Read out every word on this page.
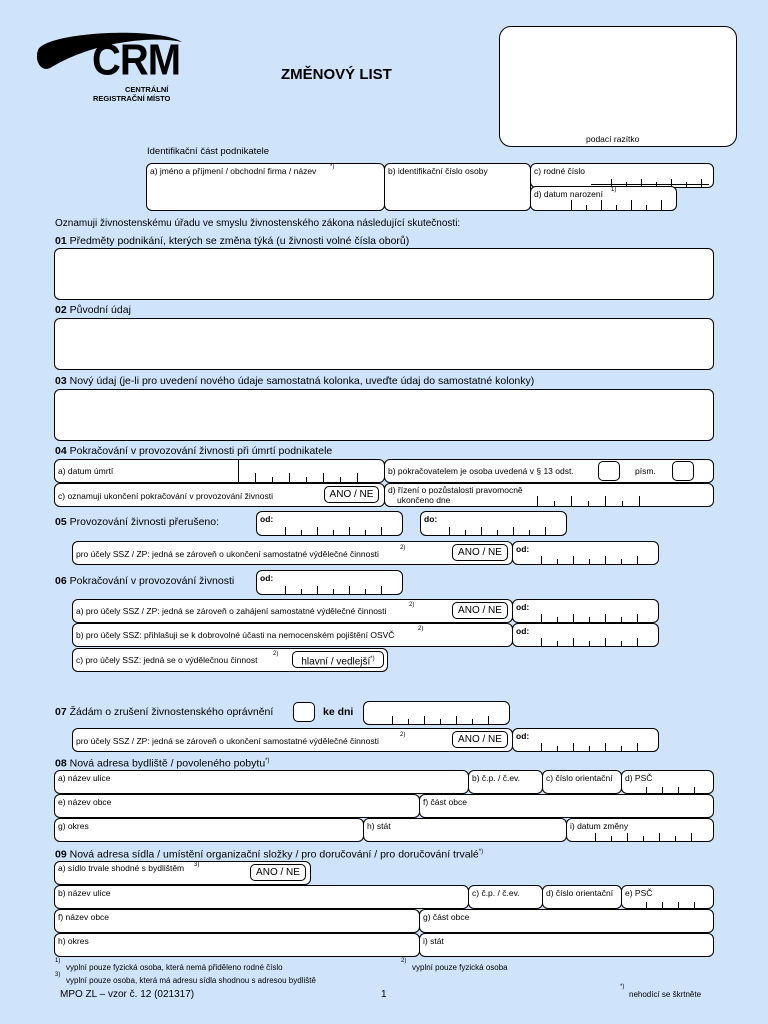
CRM
CENTRÁLNÍ
REGISTRAČNÍ MÍSTO
ZMĚNOVÝ LIST
podací razítko
Identifikační část podnikatele
a) jméno a příjmení / obchodní firma / název *)	b) identifikační číslo osoby	c) rodné číslo
d) datum narození 1)
Oznamuji živnostenskému úřadu ve smyslu živnostenského zákona následující skutečnosti:
01 Předměty podnikání, kterých se změna týká (u živnosti volné čísla oborů)
02 Původní údaj
03 Nový údaj (je-li pro uvedení nového údaje samostatná kolonka, uveďte údaj do samostatné kolonky)
04 Pokračování v provozování živnosti při úmrtí podnikatele
a) datum úmrtí	b) pokračovatelem je osoba uvedená v § 13 odst.	písm.
c) oznamuji ukončení pokračování v provozování živnosti	ANO / NE	d) řízení o pozůstalosti pravomocně
ukončeno dne
05 Provozování živnosti přerušeno:	od:	do:
pro účely SSZ / ZP: jedná se zároveň o ukončení samostatné výdělečné činnosti
2)	ANO / NE	od:
06 Pokračování v provozování živnosti	od:
a) pro účely SSZ / ZP: jedná se zároveň o zahájení samostatné výdělečné činnosti
2)	ANO / NE	od:
b) pro účely SSZ: přihlašuji se k dobrovolné účasti na nemocenském pojištění OSVČ
2)	od:
c) pro účely SSZ: jedná se o výdělečnou činnost
2)
hlavní / vedlejší*)
07 Žádám o zrušení živnostenského oprávnění	ke dni
pro účely SSZ / ZP: jedná se zároveň o ukončení samostatné výdělečné činnosti
2)	ANO / NE	od:
08 Nová adresa bydliště / povoleného pobytu*)
a) název ulice	b) č.p. / č.ev.	c) číslo orientační d) PSČ
e) název obce	f) část obce
g) okres	h) stát	i) datum změny
09 Nová adresa sídla / umístění organizační složky / pro doručování / pro doručování trvalé*)
a) sídlo trvale shodné s bydlištěm 3)
ANO / NE
b) název ulice	c) č.p. / č.ev.	d) číslo orientační e) PSČ
f) název obce	g) část obce
h) okres	i) stát
1)
vyplní pouze fyzická osoba, která nemá přiděleno rodné číslo
2)
vyplní pouze fyzická osoba
3)
vyplní pouze osoba, která má adresu sídla shodnou s adresou bydliště
MPO ZL – vzor č. 12 (021317)	1
*)
nehodící se škrtněte
